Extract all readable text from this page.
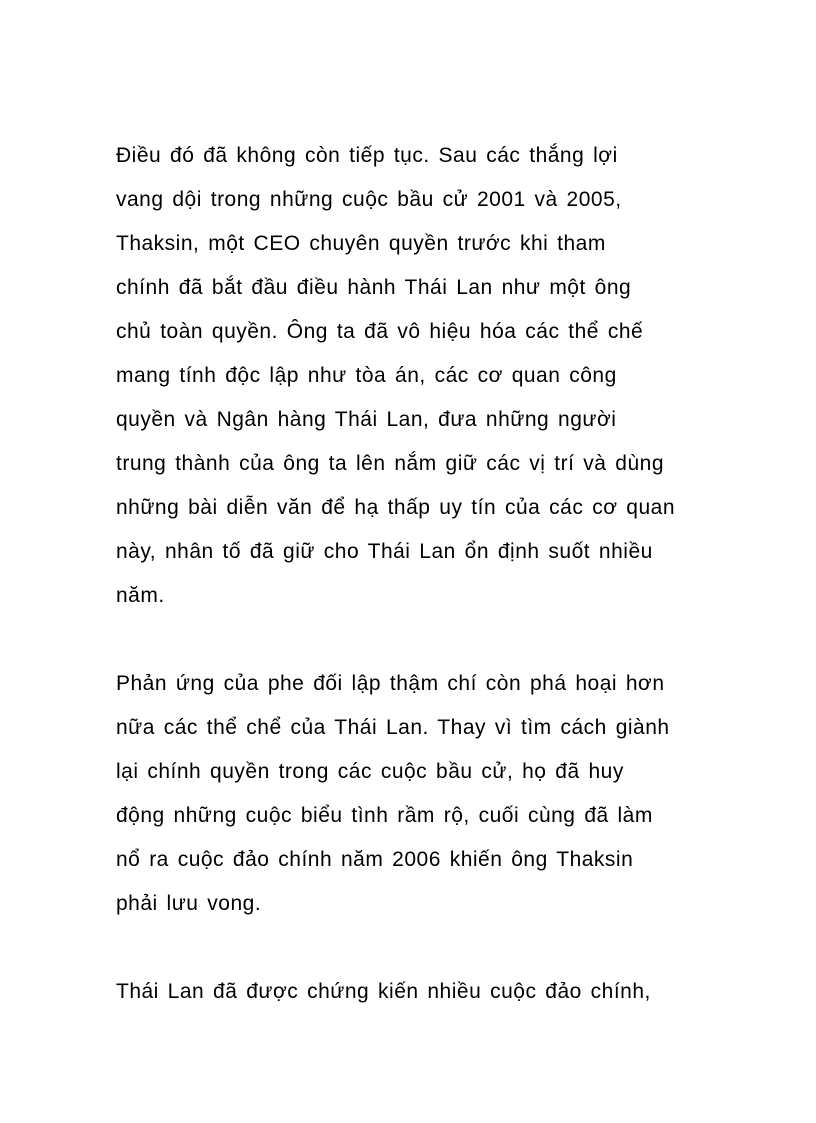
Điều đó đã không còn tiếp tục. Sau các thắng lợi
vang dội trong những cuộc bầu cử 2001 và 2005,
Thaksin, một CEO chuyên quyền trước khi tham
chính đã bắt đầu điều hành Thái Lan như một ông
chủ toàn quyền. Ông ta đã vô hiệu hóa các thể chế
mang tính độc lập như tòa án, các cơ quan công
quyền và Ngân hàng Thái Lan, đưa những người
trung thành của ông ta lên nắm giữ các vị trí và dùng
những bài diễn văn để hạ thấp uy tín của các cơ quan
này, nhân tố đã giữ cho Thái Lan ổn định suốt nhiều
năm.

Phản ứng của phe đối lập thậm chí còn phá hoại hơn
nữa các thể chể của Thái Lan. Thay vì tìm cách giành
lại chính quyền trong các cuộc bầu cử, họ đã huy
động những cuộc biểu tình rầm rộ, cuối cùng đã làm
nổ ra cuộc đảo chính năm 2006 khiến ông Thaksin
phải lưu vong.

Thái Lan đã được chứng kiến nhiều cuộc đảo chính,
